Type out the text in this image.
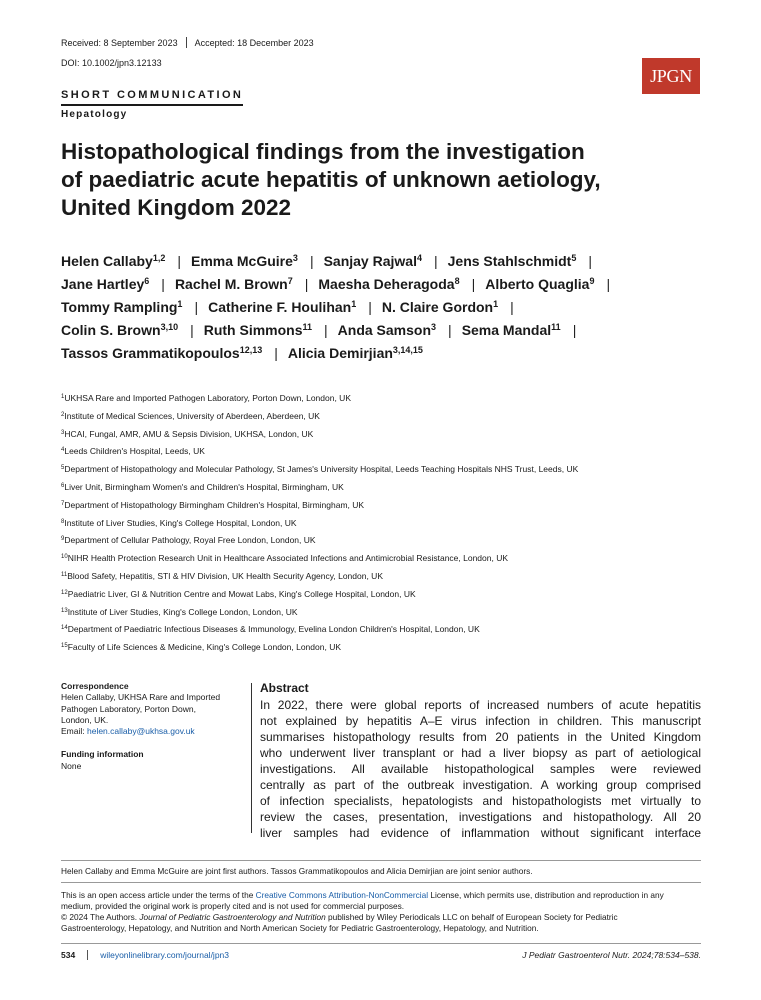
Received: 8 September 2023 Accepted: 18 December 2023
DOI: 10.1002/jpn3.12133
JPGN
SHORT COMMUNICATION
Hepatology
Histopathological findings from the investigation
of paediatric acute hepatitis of unknown aetiology,
United Kingdom 2022
Helen Callaby$^{1,2}$ | Emma McGuire$^3$ | Sanjay Rajwal$^4$ | Jens Stahlschmidt$^5$ |
Jane Hartley$^6$ | Rachel M. Brown$^7$ | Maesha Deheragoda$^8$ | Alberto Quaglia$^9$ |
Tommy Rampling$^1$ | Catherine F. Houlihan$^1$ | N. Claire Gordon$^1$ |
Colin S. Brown$^{3,10}$ | Ruth Simmons$^{11}$ | Anda Samson$^3$ | Sema Mandal$^{11}$ |
Tassos Grammatikopoulos$^{12,13}$ | Alicia Demirjian$^{3,14,15}$
$^1$UKHSA Rare and Imported Pathogen Laboratory, Porton Down, London, UK
$^2$Institute of Medical Sciences, University of Aberdeen, Aberdeen, UK
$^3$HCAI, Fungal, AMR, AMU & Sepsis Division, UKHSA, London, UK
$^4$Leeds Children's Hospital, Leeds, UK
$^5$Department of Histopathology and Molecular Pathology, St James's University Hospital, Leeds Teaching Hospitals NHS Trust, Leeds, UK
$^6$Liver Unit, Birmingham Women's and Children's Hospital, Birmingham, UK
$^7$Department of Histopathology Birmingham Children's Hospital, Birmingham, UK
$^8$Institute of Liver Studies, King's College Hospital, London, UK
$^9$Department of Cellular Pathology, Royal Free London, London, UK
$^{10}$NIHR Health Protection Research Unit in Healthcare Associated Infections and Antimicrobial Resistance, London, UK
$^{11}$Blood Safety, Hepatitis, STI & HIV Division, UK Health Security Agency, London, UK
$^{12}$Paediatric Liver, GI & Nutrition Centre and Mowat Labs, King's College Hospital, London, UK
$^{13}$Institute of Liver Studies, King's College London, London, UK
$^{14}$Department of Paediatric Infectious Diseases & Immunology, Evelina London Children's Hospital, London, UK
$^{15}$Faculty of Life Sciences & Medicine, King's College London, London, UK
Correspondence
Helen Callaby, UKHSA Rare and Imported
Pathogen Laboratory, Porton Down,
London, UK.
Email: helen.callaby@ukhsa.gov.uk
Funding information
None
Abstract

In 2022, there were global reports of increased numbers of acute hepatitis
not explained by hepatitis A–E virus infection in children. This manuscript
summarises histopathology results from 20 patients in the United Kingdom
who underwent liver transplant or had a liver biopsy as part of aetiological
investigations. All available histopathological samples were reviewed
centrally as part of the outbreak investigation. A working group comprised
of infection specialists, hepatologists and histopathologists met virtually to
review the cases, presentation, investigations and histopathology. All 20
liver samples had evidence of inflammation without significant interface

Helen Callaby and Emma McGuire are joint first authors. Tassos Grammatikopoulos and Alicia Demirjian are joint senior authors.
This is an open access article under the terms of the Creative Commons Attribution-NonCommercial License, which permits use, distribution and reproduction in any
medium, provided the original work is properly cited and is not used for commercial purposes.
© 2024 The Authors. Journal of Pediatric Gastroenterology and Nutrition published by Wiley Periodicals LLC on behalf of European Society for Pediatric
Gastroenterology, Hepatology, and Nutrition and North American Society for Pediatric Gastroenterology, Hepatology, and Nutrition.
534	wileyonlinelibrary.com/journal/jpn3	J Pediatr Gastroenterol Nutr. 2024;78:534–538.
